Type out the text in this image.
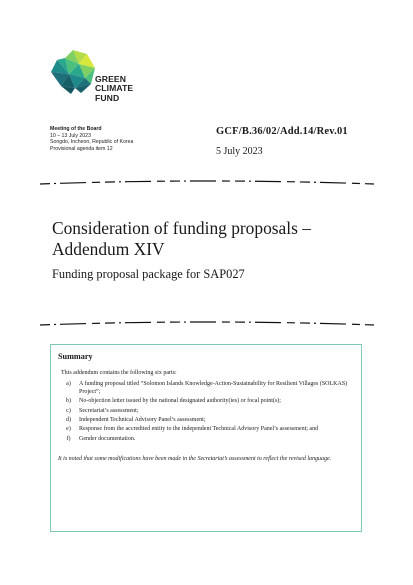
GREEN
CLIMATE
FUND
Meeting of the Board
10 – 13 July 2023
Songdo, Incheon, Republic of Korea
Provisional agenda item 12
GCF/B.36/02/Add.14/Rev.01
5 July 2023
Consideration of funding proposals –
Addendum XIV
Funding proposal package for SAP027
Summary

This addendum contains the following six parts:

a)	A funding proposal titled “Solomon Islands Knowledge-Action-Sustainability for Resilient Villages (SOLKAS) Project”;
b)	No-objection letter issued by the national designated authority(ies) or focal point(s);
c)	Secretariat’s assessment;
d)	Independent Technical Advisory Panel’s assessment;
e)	Response from the accredited entity to the independent Technical Advisory Panel’s assessment; and
f)	Gender documentation.

It is noted that some modifications have been made in the Secretariat’s assessment to reflect the revised language.
